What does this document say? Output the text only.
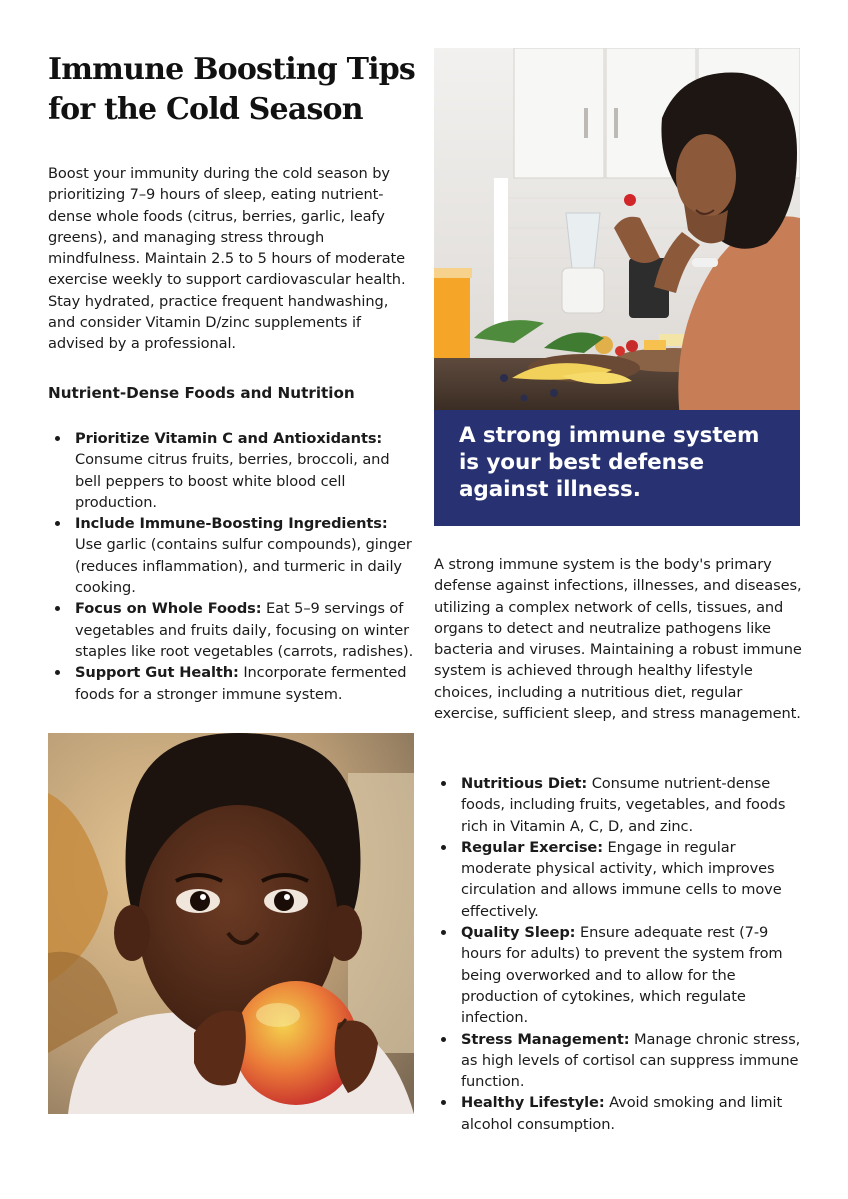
Immune Boosting Tips for the Cold Season

Boost your immunity during the cold season by prioritizing 7–9 hours of sleep, eating nutrient-dense whole foods (citrus, berries, garlic, leafy greens), and managing stress through mindfulness. Maintain 2.5 to 5 hours of moderate exercise weekly to support cardiovascular health. Stay hydrated, practice frequent handwashing, and consider Vitamin D/zinc supplements if advised by a professional.

Nutrient-Dense Foods and Nutrition
Prioritize Vitamin C and Antioxidants: Consume citrus fruits, berries, broccoli, and bell peppers to boost white blood cell production.
Include Immune-Boosting Ingredients: Use garlic (contains sulfur compounds), ginger (reduces inflammation), and turmeric in daily cooking.
Focus on Whole Foods: Eat 5–9 servings of vegetables and fruits daily, focusing on winter staples like root vegetables (carrots, radishes).
Support Gut Health: Incorporate fermented foods for a stronger immune system.

A strong immune system is your best defense against illness.

A strong immune system is the body's primary defense against infections, illnesses, and diseases, utilizing a complex network of cells, tissues, and organs to detect and neutralize pathogens like bacteria and viruses. Maintaining a robust immune system is achieved through healthy lifestyle choices, including a nutritious diet, regular exercise, sufficient sleep, and stress management.

Nutritious Diet: Consume nutrient-dense foods, including fruits, vegetables, and foods rich in Vitamin A, C, D, and zinc.
Regular Exercise: Engage in regular moderate physical activity, which improves circulation and allows immune cells to move effectively.
Quality Sleep: Ensure adequate rest (7-9 hours for adults) to prevent the system from being overworked and to allow for the production of cytokines, which regulate infection.
Stress Management: Manage chronic stress, as high levels of cortisol can suppress immune function.
Healthy Lifestyle: Avoid smoking and limit alcohol consumption.
